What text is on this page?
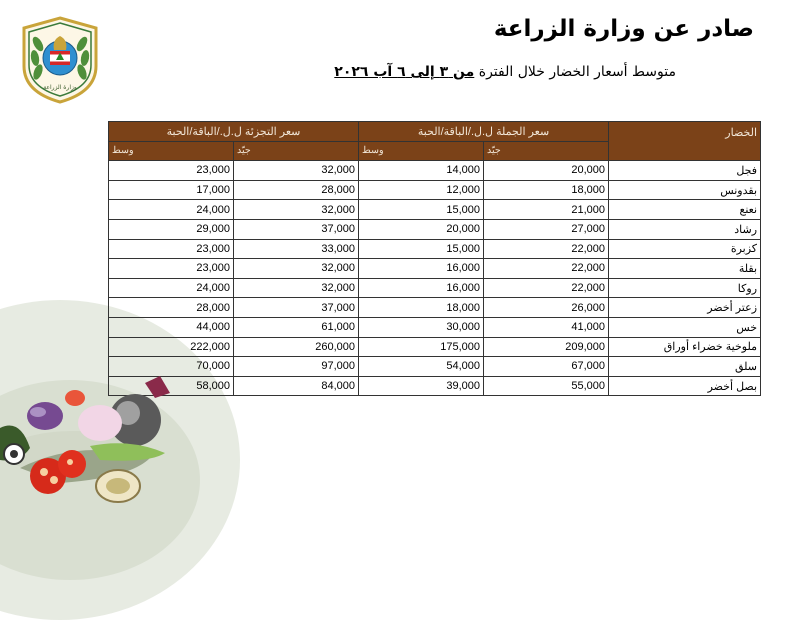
وزارة الزراعة
صادر عن وزارة الزراعة
متوسط أسعار الخضار خلال الفترة من ٣ إلى ٦ آب ٢٠٢٦
سعر التجزئة ل.ل./الباقة/الحبة		سعر الجملة ل.ل./الباقة/الحبة		الخضار
وسط	جيّد	وسط	جيّد	
23,000	32,000	14,000	20,000	فجل
17,000	28,000	12,000	18,000	بقدونس
24,000	32,000	15,000	21,000	نعنع
29,000	37,000	20,000	27,000	رشاد
23,000	33,000	15,000	22,000	كزبرة
23,000	32,000	16,000	22,000	بقلة
24,000	32,000	16,000	22,000	روكا
28,000	37,000	18,000	26,000	زعتر أخضر
44,000	61,000	30,000	41,000	خس
222,000	260,000	175,000	209,000	ملوخية خضراء أوراق
70,000	97,000	54,000	67,000	سلق
58,000	84,000	39,000	55,000	بصل أخضر
